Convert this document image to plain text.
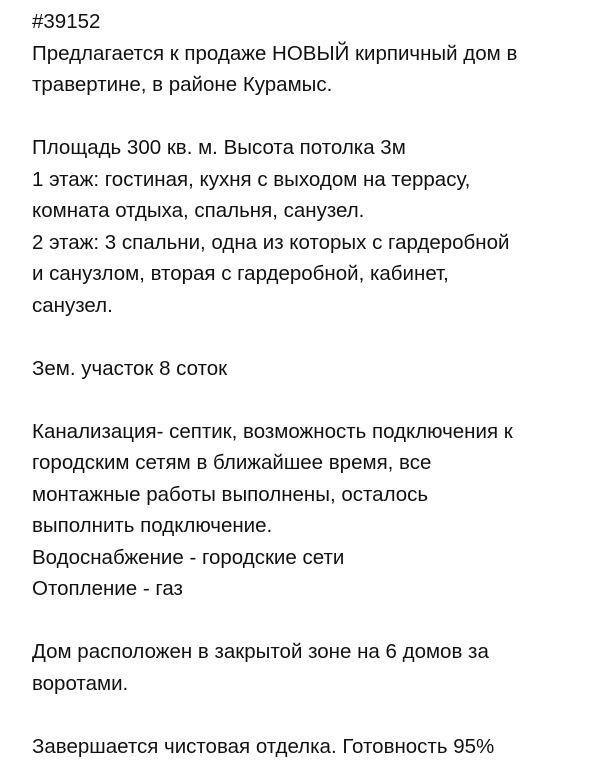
#39152
Предлагается к продаже НОВЫЙ кирпичный дом в
травертине, в районе Курамыс.
Площадь 300 кв. м. Высота потолка 3м
1 этаж: гостиная, кухня с выходом на террасу,
комната отдыха, спальня, санузел.
2 этаж: 3 спальни, одна из которых с гардеробной
и санузлом, вторая с гардеробной, кабинет,
санузел.
Зем. участок 8 соток
Канализация- септик, возможность подключения к
городским сетям в ближайшее время, все
монтажные работы выполнены, осталось
выполнить подключение.
Водоснабжение - городские сети
Отопление - газ
Дом расположен в закрытой зоне на 6 домов за
воротами.
Завершается чистовая отделка. Готовность 95%
